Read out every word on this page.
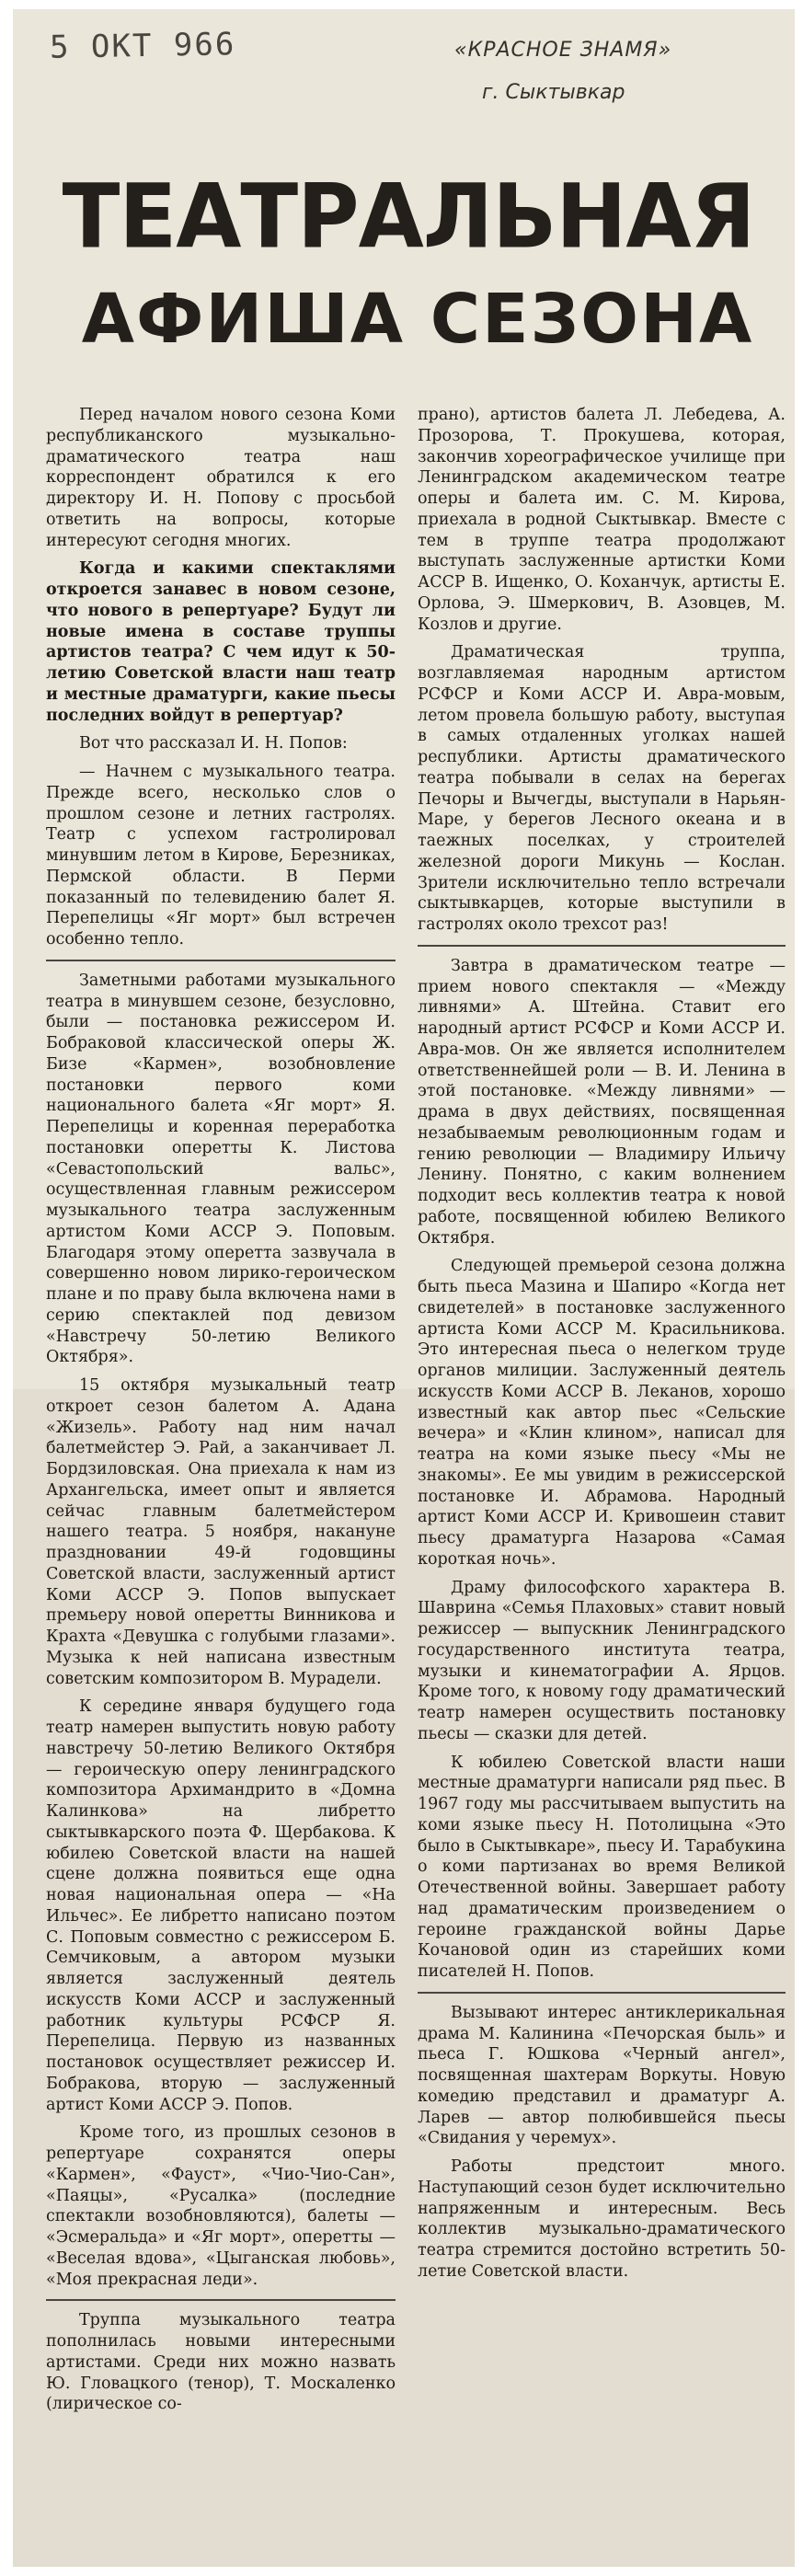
5 ОКТ 966	«КРАСНОЕ ЗНАМЯ»
г. Сыктывкар
ТЕАТРАЛЬНАЯ
АФИША СЕЗОНА

Перед началом нового сезона Коми республиканского музыкально-драматического театра наш корреспондент обратился к его директору И. Н. Попову с просьбой ответить на вопросы, которые интересуют сегодня многих.

Когда и какими спектаклями откроется занавес в новом сезоне, что нового в репертуаре? Будут ли новые имена в составе труппы артистов театра? С чем идут к 50-летию Советской власти наш театр и местные драматурги, какие пьесы последних войдут в репертуар?

Вот что рассказал И. Н. Попов:

— Начнем с музыкального театра. Прежде всего, несколько слов о прошлом сезоне и летних гастролях. Театр с успехом гастролировал минувшим летом в Кирове, Березниках, Пермской области. В Перми показанный по телевидению балет Я. Перепелицы «Яг морт» был встречен особенно тепло.

Заметными работами музыкального театра в минувшем сезоне, безусловно, были — постановка режиссером И. Бобраковой классической оперы Ж. Бизе «Кармен», возобновление постановки первого коми национального балета «Яг морт» Я. Перепелицы и коренная переработка постановки оперетты К. Листова «Севастопольский вальс», осуществленная главным режиссером музыкального театра заслуженным артистом Коми АССР Э. Поповым. Благодаря этому оперетта зазвучала в совершенно новом лирико-героическом плане и по праву была включена нами в серию спектаклей под девизом «Навстречу 50-летию Великого Октября».

15 октября музыкальный театр откроет сезон балетом А. Адана «Жизель». Работу над ним начал балетмейстер Э. Рай, а заканчивает Л. Бордзиловская. Она приехала к нам из Архангельска, имеет опыт и является сейчас главным балетмейстером нашего театра. 5 ноября, накануне праздновании 49-й годовщины Советской власти, заслуженный артист Коми АССР Э. Попов выпускает премьеру новой оперетты Винникова и Крахта «Девушка с голубыми глазами». Музыка к ней написана известным советским композитором В. Мурадели.

К середине января будущего года театр намерен выпустить новую работу навстречу 50-летию Великого Октября — героическую оперу ленинградского композитора Архимандрито в «Домна Калинкова» на либретто сыктывкарского поэта Ф. Щербакова. К юбилею Советской власти на нашей сцене должна появиться еще одна новая национальная опера — «На Ильчес». Ее либретто написано поэтом С. Поповым совместно с режиссером Б. Семчиковым, а автором музыки является заслуженный деятель искусств Коми АССР и заслуженный работник культуры РСФСР Я. Перепелица. Первую из названных постановок осуществляет режиссер И. Бобракова, вторую — заслуженный артист Коми АССР Э. Попов.

Кроме того, из прошлых сезонов в репертуаре сохранятся оперы «Кармен», «Фауст», «Чио-Чио-Сан», «Паяцы», «Русалка» (последние спектакли возобновляются), балеты — «Эсмеральда» и «Яг морт», оперетты — «Веселая вдова», «Цыганская любовь», «Моя прекрасная леди».

Труппа музыкального театра пополнилась новыми интересными артистами. Среди них можно назвать Ю. Гловацкого (тенор), Т. Москаленко (лирическое со-

прано), артистов балета Л. Лебедева, А. Прозорова, Т. Прокушева, которая, закончив хореографическое училище при Ленинградском академическом театре оперы и балета им. С. М. Кирова, приехала в родной Сыктывкар. Вместе с тем в труппе театра продолжают выступать заслуженные артистки Коми АССР В. Ищенко, О. Коханчук, артисты Е. Орлова, Э. Шмеркович, В. Азовцев, М. Козлов и другие.

Драматическая труппа, возглавляемая народным артистом РСФСР и Коми АССР И. Авра-мовым, летом провела большую работу, выступая в самых отдаленных уголках нашей республики. Артисты драматического театра побывали в селах на берегах Печоры и Вычегды, выступали в Нарьян-Маре, у берегов Лесного океана и в таежных поселках, у строителей железной дороги Микунь — Кослан. Зрители исключительно тепло встречали сыктывкарцев, которые выступили в гастролях около трехсот раз!

Завтра в драматическом театре — прием нового спектакля — «Между ливнями» А. Штейна. Ставит его народный артист РСФСР и Коми АССР И. Авра-мов. Он же является исполнителем ответственнейшей роли — В. И. Ленина в этой постановке. «Между ливнями» — драма в двух действиях, посвященная незабываемым революционным годам и гению революции — Владимиру Ильичу Ленину. Понятно, с каким волнением подходит весь коллектив театра к новой работе, посвященной юбилею Великого Октября.

Следующей премьерой сезона должна быть пьеса Мазина и Шапиро «Когда нет свидетелей» в постановке заслуженного артиста Коми АССР М. Красильникова. Это интересная пьеса о нелегком труде органов милиции. Заслуженный деятель искусств Коми АССР В. Леканов, хорошо известный как автор пьес «Сельские вечера» и «Клин клином», написал для театра на коми языке пьесу «Мы не знакомы». Ее мы увидим в режиссерской постановке И. Абрамова. Народный артист Коми АССР И. Кривошеин ставит пьесу драматурга Назарова «Самая короткая ночь».

Драму философского характера В. Шаврина «Семья Плаховых» ставит новый режиссер — выпускник Ленинградского государственного института театра, музыки и кинематографии А. Ярцов. Кроме того, к новому году драматический театр намерен осуществить постановку пьесы — сказки для детей.

К юбилею Советской власти наши местные драматурги написали ряд пьес. В 1967 году мы рассчитываем выпустить на коми языке пьесу Н. Потолицына «Это было в Сыктывкаре», пьесу И. Тарабукина о коми партизанах во время Великой Отечественной войны. Завершает работу над драматическим произведением о героине гражданской войны Дарье Кочановой один из старейших коми писателей Н. Попов.

Вызывают интерес антиклерикальная драма М. Калинина «Печорская быль» и пьеса Г. Юшкова «Черный ангел», посвященная шахтерам Воркуты. Новую комедию представил и драматург А. Ларев — автор полюбившейся пьесы «Свидания у черемух».

Работы предстоит много. Наступающий сезон будет исключительно напряженным и интересным. Весь коллектив музыкально-драматического театра стремится достойно встретить 50-летие Советской власти.
